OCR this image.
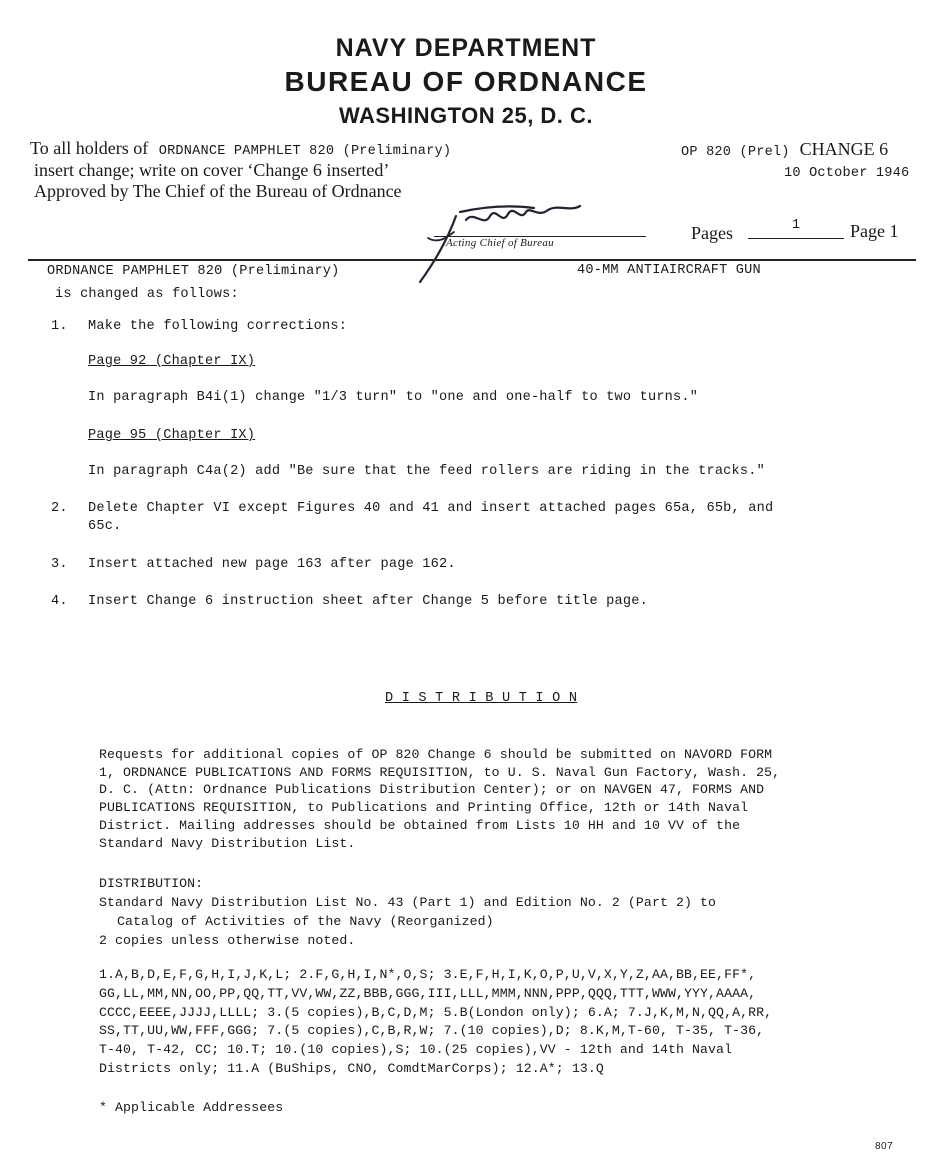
NAVY DEPARTMENT
BUREAU OF ORDNANCE
WASHINGTON 25, D. C.
To all holders of ORDNANCE PAMPHLET 820 (Preliminary)
insert change; write on cover ‘Change 6 inserted’
Approved by The Chief of the Bureau of Ordnance
OP 820 (Prel) CHANGE 6
10 October 1946
Acting Chief of Bureau	Pages	1	Page 1
ORDNANCE PAMPHLET 820 (Preliminary)	40-MM ANTIAIRCRAFT GUN
is changed as follows:
1. Make the following corrections:
Page 92 (Chapter IX)
In paragraph B4i(1) change "1/3 turn" to "one and one-half to two turns."
Page 95 (Chapter IX)
In paragraph C4a(2) add "Be sure that the feed rollers are riding in the tracks."
2. Delete Chapter VI except Figures 40 and 41 and insert attached pages 65a, 65b, and
65c.
3. Insert attached new page 163 after page 162.
4. Insert Change 6 instruction sheet after Change 5 before title page.
D I S T R I B U T I O N
Requests for additional copies of OP 820 Change 6 should be submitted on NAVORD FORM
1, ORDNANCE PUBLICATIONS AND FORMS REQUISITION, to U. S. Naval Gun Factory, Wash. 25,
D. C. (Attn: Ordnance Publications Distribution Center); or on NAVGEN 47, FORMS AND
PUBLICATIONS REQUISITION, to Publications and Printing Office, 12th or 14th Naval
District. Mailing addresses should be obtained from Lists 10 HH and 10 VV of the
Standard Navy Distribution List.
DISTRIBUTION:
Standard Navy Distribution List No. 43 (Part 1) and Edition No. 2 (Part 2) to
Catalog of Activities of the Navy (Reorganized)
2 copies unless otherwise noted.
1.A,B,D,E,F,G,H,I,J,K,L; 2.F,G,H,I,N*,O,S; 3.E,F,H,I,K,O,P,U,V,X,Y,Z,AA,BB,EE,FF*,
GG,LL,MM,NN,OO,PP,QQ,TT,VV,WW,ZZ,BBB,GGG,III,LLL,MMM,NNN,PPP,QQQ,TTT,WWW,YYY,AAAA,
CCCC,EEEE,JJJJ,LLLL; 3.(5 copies),B,C,D,M; 5.B(London only); 6.A; 7.J,K,M,N,QQ,A,RR,
SS,TT,UU,WW,FFF,GGG; 7.(5 copies),C,B,R,W; 7.(10 copies),D; 8.K,M,T-60, T-35, T-36,
T-40, T-42, CC; 10.T; 10.(10 copies),S; 10.(25 copies),VV - 12th and 14th Naval
Districts only; 11.A (BuShips, CNO, ComdtMarCorps); 12.A*; 13.Q
* Applicable Addressees
807
